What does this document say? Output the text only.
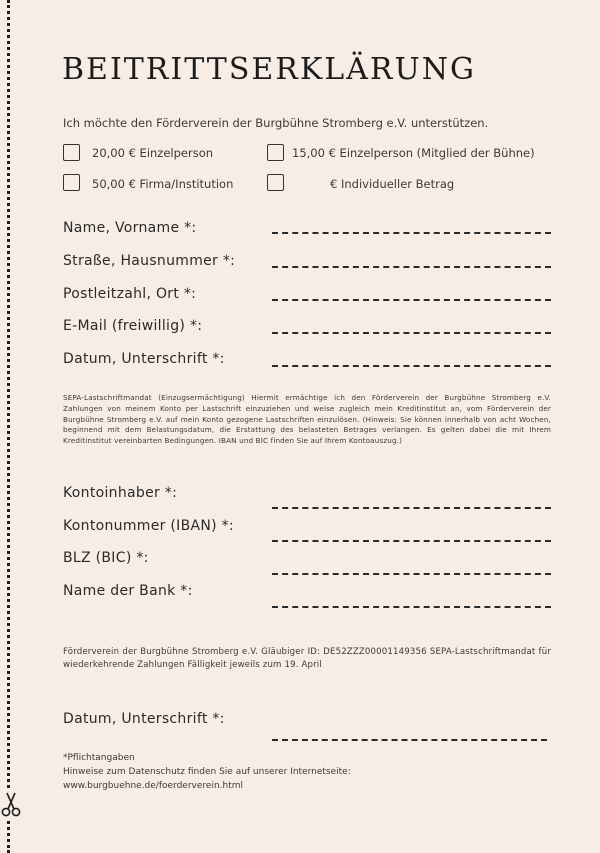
BEITRITTSERKLÄRUNG
Ich möchte den Förderverein der Burgbühne Stromberg e.V. unterstützen.
20,00 € Einzelperson	15,00 € Einzelperson (Mitglied der Bühne)
50,00 € Firma/Institution	€ Individueller Betrag
Name, Vorname *:
Straße, Hausnummer *:
Postleitzahl, Ort *:
E-Mail (freiwillig) *:
Datum, Unterschrift *:
SEPA-Lastschriftmandat (Einzugsermächtigung) Hiermit ermächtige ich den Förderverein der Burgbühne Stromberg e.V. Zahlungen von meinem Konto per Lastschrift einzuziehen und weise zugleich mein Kreditinstitut an, vom Förderverein der Burgbühne Stromberg e.V. auf mein Konto gezogene Lastschriften einzulösen. (Hinweis: Sie können innerhalb von acht Wochen, beginnend mit dem Belastungsdatum, die Erstattung des belasteten Betrages verlangen. Es gelten dabei die mit Ihrem Kreditinstitut vereinbarten Bedingungen. IBAN und BIC finden Sie auf Ihrem Kontoauszug.)
Kontoinhaber *:
Kontonummer (IBAN) *:
BLZ (BIC) *:
Name der Bank *:
Förderverein der Burgbühne Stromberg e.V. Gläubiger ID: DE52ZZZ00001149356 SEPA-Lastschriftmandat für wiederkehrende Zahlungen Fälligkeit jeweils zum 19. April
Datum, Unterschrift *:
*Pflichtangaben
Hinweise zum Datenschutz finden Sie auf unserer Internetseite:
www.burgbuehne.de/foerderverein.html
